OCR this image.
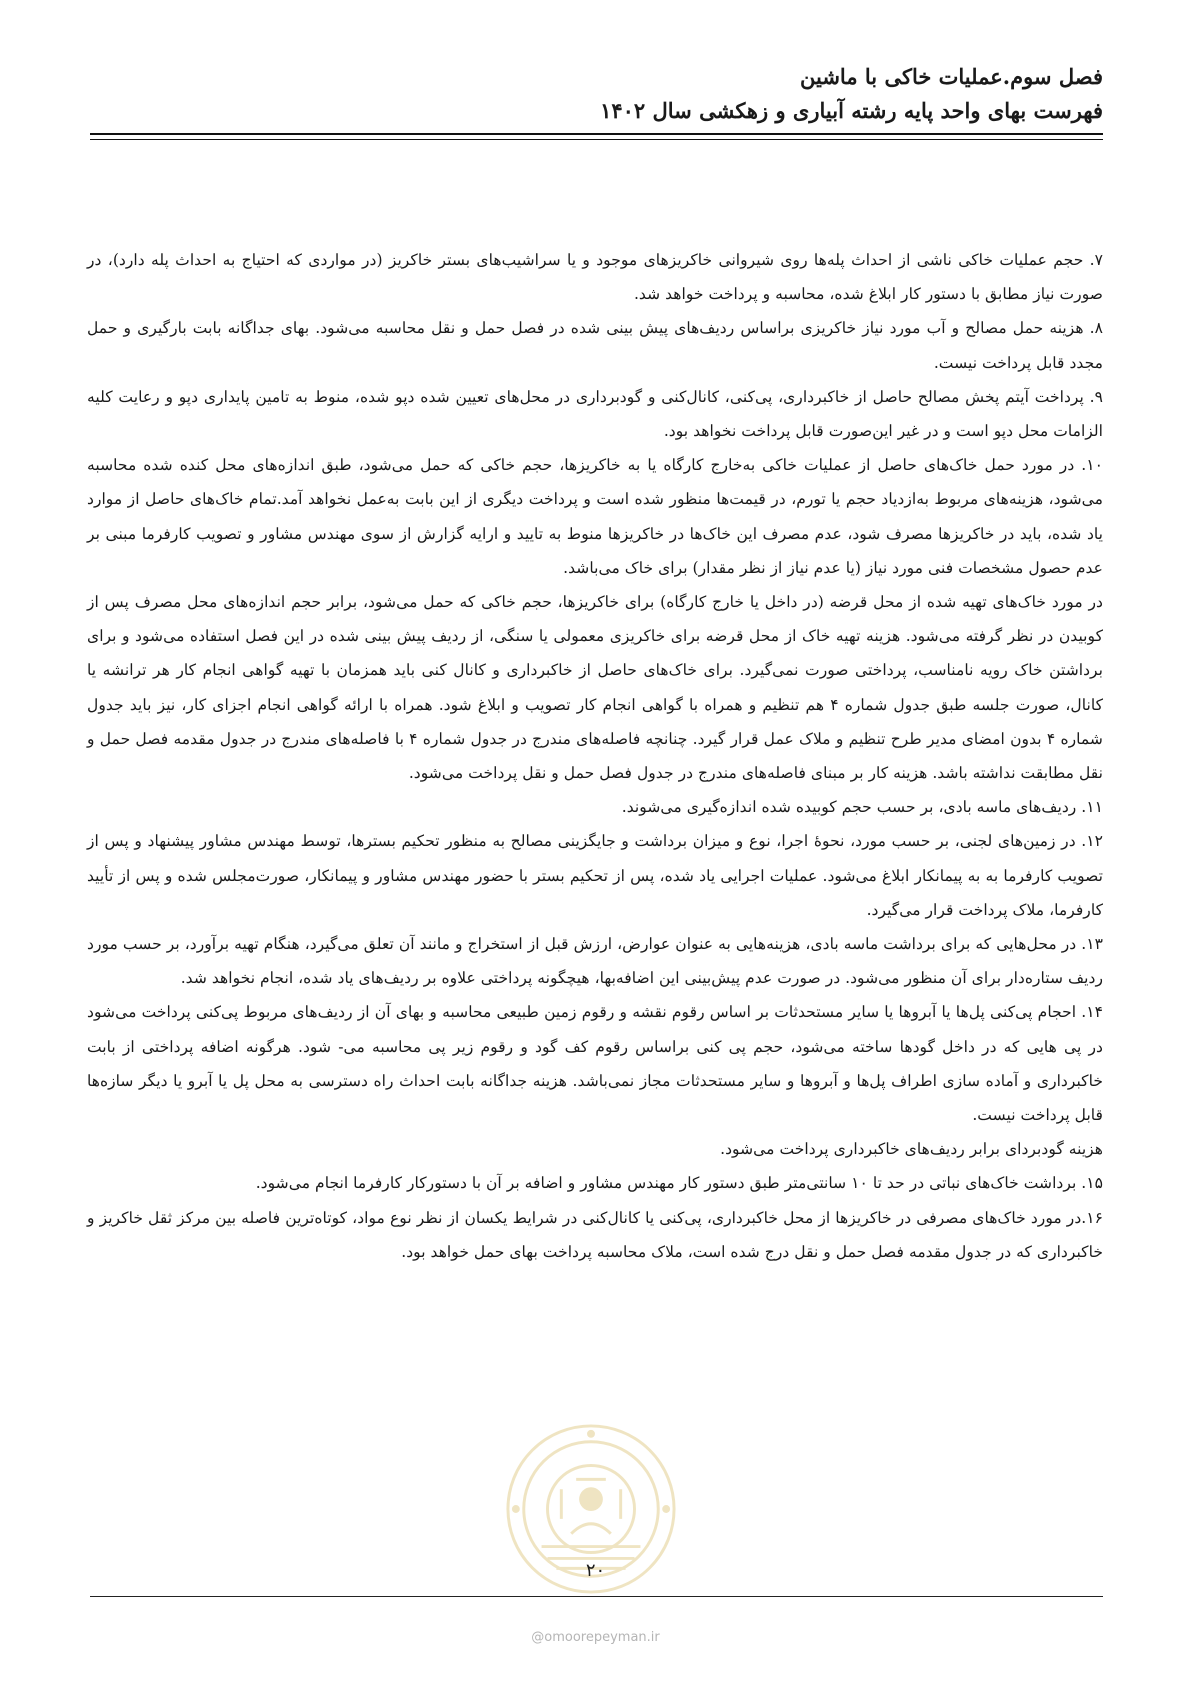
فصل سوم.عملیات خاکی با ماشین
فهرست بهای واحد پایه رشته آبیاری و زهکشی سال ۱۴۰۲

۷. حجم عملیات خاکی ناشی از احداث پله‌ها روی شیروانی خاکریزهای موجود و یا سراشیب‌های بستر خاکریز (در مواردی که احتیاج به احداث پله دارد)، در صورت نیاز مطابق با دستور کار ابلاغ شده، محاسبه و پرداخت خواهد شد.

۸. هزینه حمل مصالح و آب مورد نیاز خاکریزی براساس ردیف‌های پیش بینی شده در فصل حمل و نقل محاسبه می‌شود. بهای جداگانه بابت بارگیری و حمل مجدد قابل پرداخت نیست.

۹. پرداخت آیتم پخش مصالح حاصل از خاکبرداری، پی‌کنی، کانال‌کنی و گودبرداری در محل‌های تعیین شده دپو شده، منوط به تامین پایداری دپو و رعایت کلیه الزامات محل دپو است و در غیر این‌صورت قابل پرداخت نخواهد بود.

۱۰. در مورد حمل خاک‌های حاصل از عملیات خاکی به‌خارج کارگاه یا به خاکریزها، حجم خاکی که حمل می‌شود، طبق اندازه‌های محل کنده شده محاسبه می‌شود، هزینه‌های مربوط به‌ازدیاد حجم یا تورم، در قیمت‌ها منظور شده است و پرداخت دیگری از این بابت به‌عمل نخواهد آمد.تمام خاک‌های حاصل از موارد یاد شده، باید در خاکریزها مصرف شود، عدم مصرف این خاک‌ها در خاکریزها منوط به تایید و ارایه گزارش از سوی مهندس مشاور و تصویب کارفرما مبنی بر عدم حصول مشخصات فنی مورد نیاز (یا عدم نیاز از نظر مقدار) برای خاک می‌باشد.

در مورد خاک‌های تهیه شده از محل قرضه (در داخل یا خارج کارگاه) برای خاکریزها، حجم خاکی که حمل می‌شود، برابر حجم اندازه‌های محل مصرف پس از کوبیدن در نظر گرفته می‌شود. هزینه تهیه خاک از محل قرضه برای خاکریزی معمولی یا سنگی، از ردیف پیش بینی شده در این فصل استفاده می‌شود و برای برداشتن خاک رویه نامناسب، پرداختی صورت نمی‌گیرد. برای خاک‌های حاصل از خاکبرداری و کانال کنی باید همزمان با تهیه گواهی انجام کار هر ترانشه یا کانال، صورت جلسه طبق جدول شماره ۴ هم تنظیم و همراه با گواهی انجام کار تصویب و ابلاغ شود. همراه با ارائه گواهی انجام اجزای کار، نیز باید جدول شماره ۴ بدون امضای مدیر طرح تنظیم و ملاک عمل قرار گیرد. چنانچه فاصله‌های مندرج در جدول شماره ۴ با فاصله‌های مندرج در جدول مقدمه فصل حمل و نقل مطابقت نداشته باشد. هزینه کار بر مبنای فاصله‌های مندرج در جدول فصل حمل و نقل پرداخت می‌شود.

۱۱. ردیف‌های ماسه بادی، بر حسب حجم کوبیده شده اندازه‌گیری می‌شوند.

۱۲. در زمین‌های لجنی، بر حسب مورد، نحوهٔ اجرا، نوع و میزان برداشت و جایگزینی مصالح به منظور تحکیم بسترها، توسط مهندس مشاور پیشنهاد و پس از تصویب کارفرما به به پیمانکار ابلاغ می‌شود. عملیات اجرایی یاد شده، پس از تحکیم بستر با حضور مهندس مشاور و پیمانکار، صورت‌مجلس شده و پس از تأیید کارفرما، ملاک پرداخت قرار می‌گیرد.

۱۳. در محل‌هایی که برای برداشت ماسه بادی، هزینه‌هایی به عنوان عوارض، ارزش قبل از استخراج و مانند آن تعلق می‌گیرد، هنگام تهیه برآورد، بر حسب مورد ردیف ستاره‌دار برای آن منظور می‌شود. در صورت عدم پیش‌بینی این اضافه‌بها، هیچگونه پرداختی علاوه بر ردیف‌های یاد شده، انجام نخواهد شد.

۱۴. احجام پی‌کنی پل‌ها یا آبروها یا سایر مستحدثات بر اساس رقوم نقشه و رقوم زمین طبیعی محاسبه و بهای آن از ردیف‌های مربوط پی‌کنی پرداخت می‌شود در پی هایی که در داخل گودها ساخته می‌شود، حجم پی کنی براساس رقوم کف گود و رقوم زیر پی محاسبه می- شود. هرگونه اضافه پرداختی از بابت خاکبرداری و آماده سازی اطراف پل‌ها و آبروها و سایر مستحدثات مجاز نمی‌باشد. هزینه جداگانه بابت احداث راه دسترسی به محل پل یا آبرو یا دیگر سازه‌ها قابل پرداخت نیست.

هزینه گودبردای برابر ردیف‌های خاکبرداری پرداخت می‌شود.

۱۵. برداشت خاک‌های نباتی در حد تا ۱۰ سانتی‌متر طبق دستور کار مهندس مشاور و اضافه بر آن با دستورکار کارفرما انجام می‌شود.

۱۶.در مورد خاک‌های مصرفی در خاکریزها از محل خاکبرداری، پی‌کنی یا کانال‌کنی در شرایط یکسان از نظر نوع مواد، کوتاه‌ترین فاصله بین مرکز ثقل خاکریز و خاکبرداری که در جدول مقدمه فصل حمل و نقل درج شده است، ملاک محاسبه پرداخت بهای حمل خواهد بود.

۲۰
@omoorepeyman.ir
